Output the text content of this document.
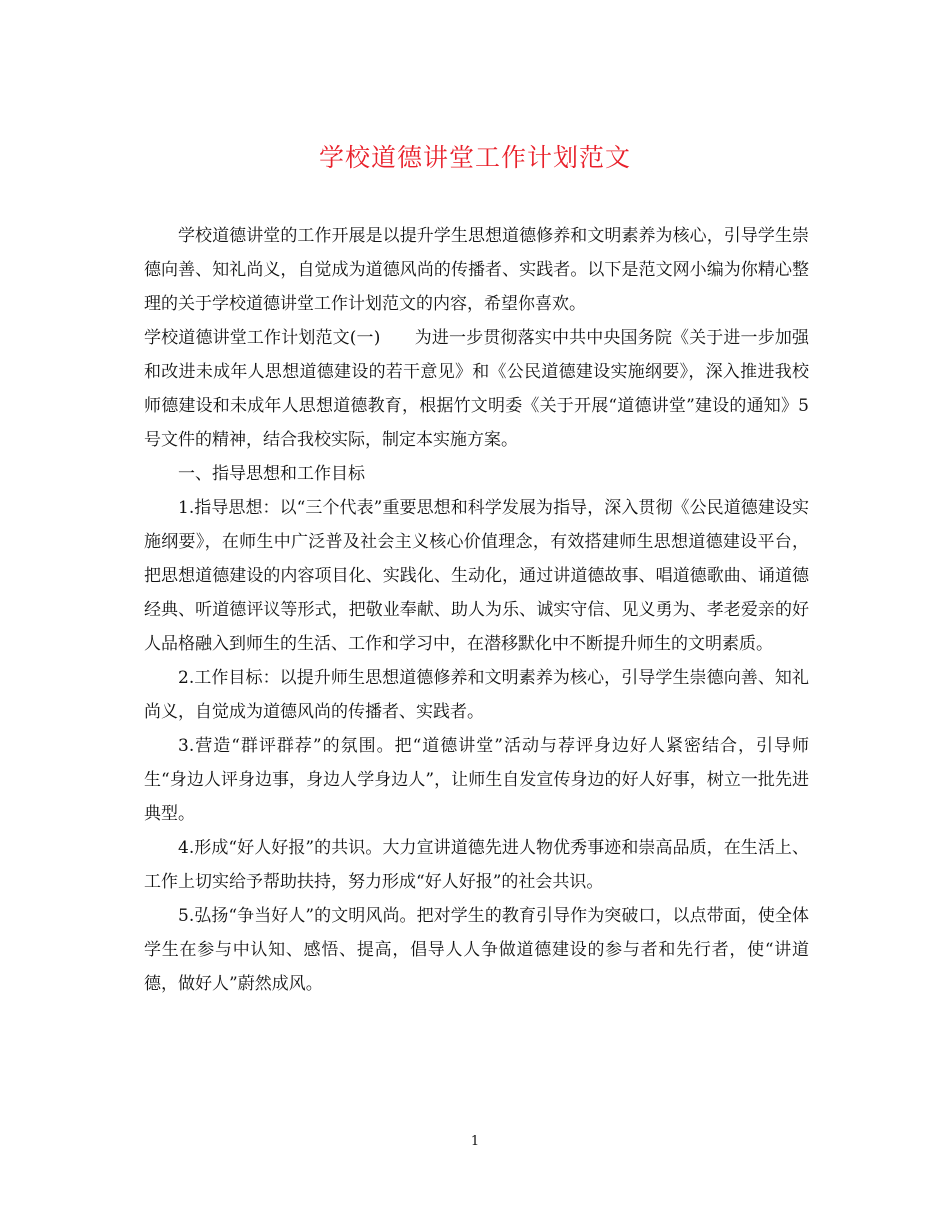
学校道德讲堂工作计划范文

学校道德讲堂的工作开展是以提升学生思想道德修养和文明素养为核心，引导学生崇德向善、知礼尚义，自觉成为道德风尚的传播者、实践者。以下是范文网小编为你精心整理的关于学校道德讲堂工作计划范文的内容，希望你喜欢。

学校道德讲堂工作计划范文(一)　　为进一步贯彻落实中共中央国务院《关于进一步加强和改进未成年人思想道德建设的若干意见》和《公民道德建设实施纲要》，深入推进我校师德建设和未成年人思想道德教育，根据竹文明委《关于开展“道德讲堂”建设的通知》5号文件的精神，结合我校实际，制定本实施方案。

一、指导思想和工作目标

1.指导思想：以“三个代表”重要思想和科学发展为指导，深入贯彻《公民道德建设实施纲要》，在师生中广泛普及社会主义核心价值理念，有效搭建师生思想道德建设平台，把思想道德建设的内容项目化、实践化、生动化，通过讲道德故事、唱道德歌曲、诵道德经典、听道德评议等形式，把敬业奉献、助人为乐、诚实守信、见义勇为、孝老爱亲的好人品格融入到师生的生活、工作和学习中，在潜移默化中不断提升师生的文明素质。

2.工作目标：以提升师生思想道德修养和文明素养为核心，引导学生崇德向善、知礼尚义，自觉成为道德风尚的传播者、实践者。

3.营造“群评群荐”的氛围。把“道德讲堂”活动与荐评身边好人紧密结合，引导师生“身边人评身边事，身边人学身边人”，让师生自发宣传身边的好人好事，树立一批先进典型。

4.形成“好人好报”的共识。大力宣讲道德先进人物优秀事迹和崇高品质，在生活上、工作上切实给予帮助扶持，努力形成“好人好报”的社会共识。

5.弘扬“争当好人”的文明风尚。把对学生的教育引导作为突破口，以点带面，使全体学生在参与中认知、感悟、提高，倡导人人争做道德建设的参与者和先行者，使“讲道德，做好人”蔚然成风。

1
